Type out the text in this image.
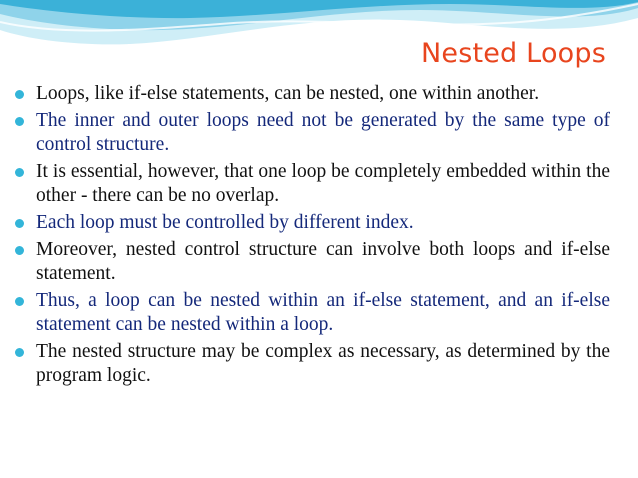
Nested Loops
Loops, like if-else statements, can be nested, one within another.
The inner and outer loops need not be generated by the same type of control structure.
It is essential, however, that one loop be completely embedded within the other - there can be no overlap.
Each loop must be controlled by different index.
Moreover, nested control structure can involve both loops and if-else statement.
Thus, a loop can be nested within an if-else statement, and an if-else statement can be nested within a loop.
The nested structure may be complex as necessary, as determined by the program logic.
